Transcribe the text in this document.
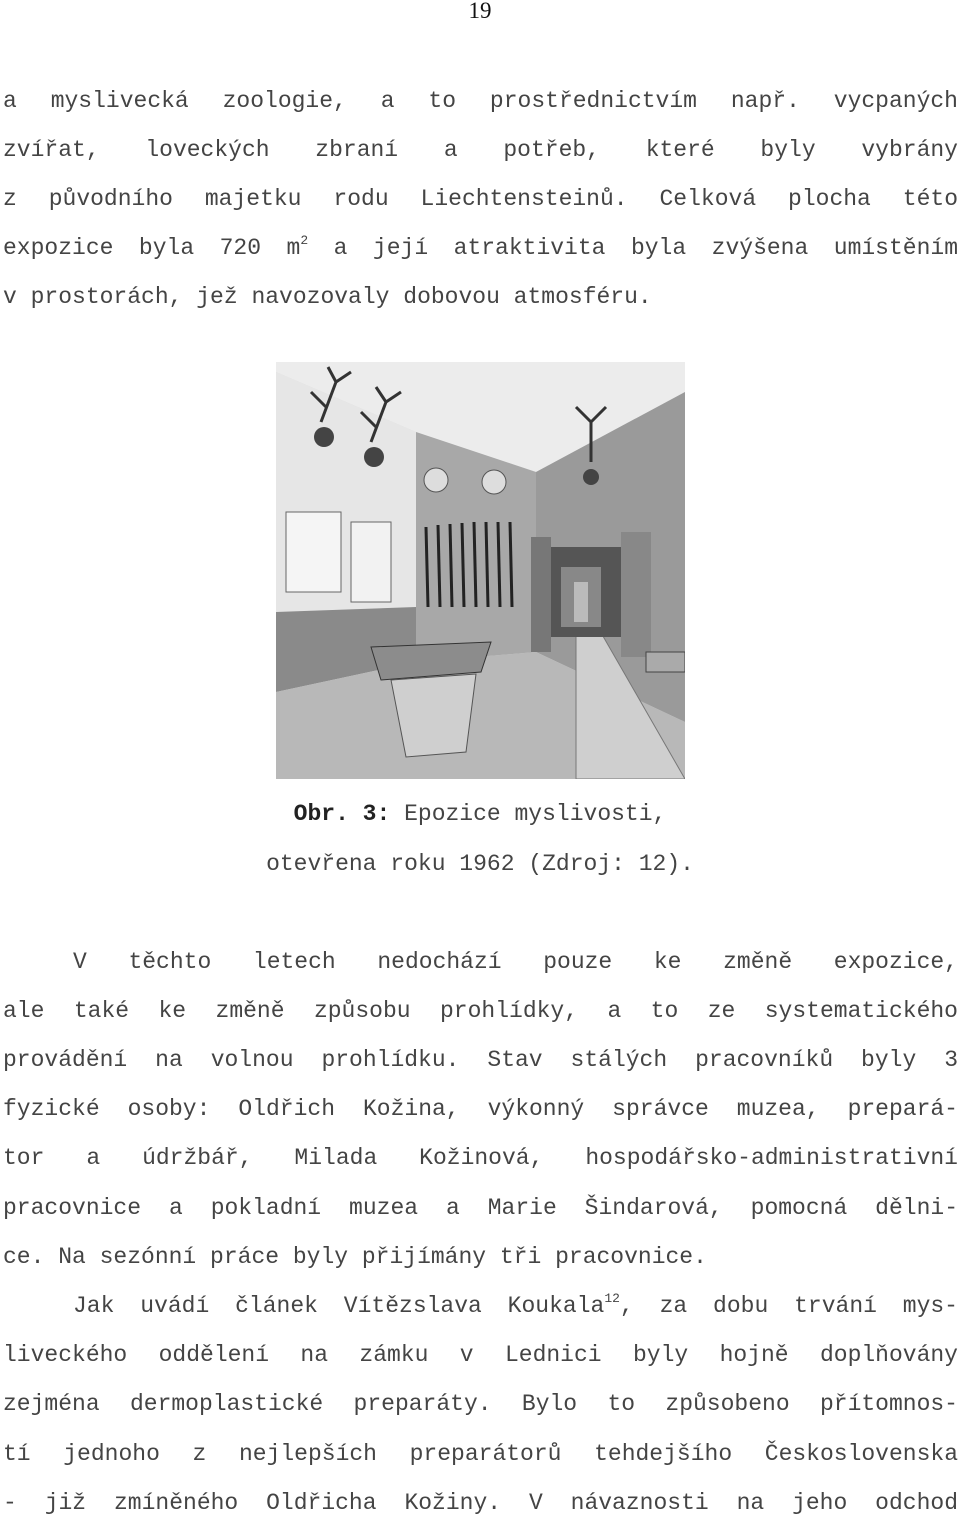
19
a myslivecká zoologie, a to prostřednictvím např. vycpaných
zvířat, loveckých zbraní a potřeb, které byly vybrány
z původního majetku rodu Liechtensteinů. Celková plocha této
expozice byla 720 $m^2$ a její atraktivita byla zvýšena umístěním
v prostorách, jež navozovaly dobovou atmosféru.
Obr. 3: Epozice myslivosti,
otevřena roku 1962 (Zdroj: 12).
V těchto letech nedochází pouze ke změně expozice,
ale také ke změně způsobu prohlídky, a to ze systematického
provádění na volnou prohlídku. Stav stálých pracovníků byly 3
fyzické osoby: Oldřich Kožina, výkonný správce muzea, prepará-
tor a údržbář, Milada Kožinová, hospodářsko-administrativní
pracovnice a pokladní muzea a Marie Šindarová, pomocná dělni-
ce. Na sezónní práce byly přijímány tři pracovnice.
Jak uvádí článek Vítězslava Koukala$^{12}$, za dobu trvání mys-
liveckého oddělení na zámku v Lednici byly hojně doplňovány
zejména dermoplastické preparáty. Bylo to způsobeno přítomnos-
tí jednoho z nejlepších preparátorů tehdejšího Československa
- již zmíněného Oldřicha Kožiny. V návaznosti na jeho odchod
